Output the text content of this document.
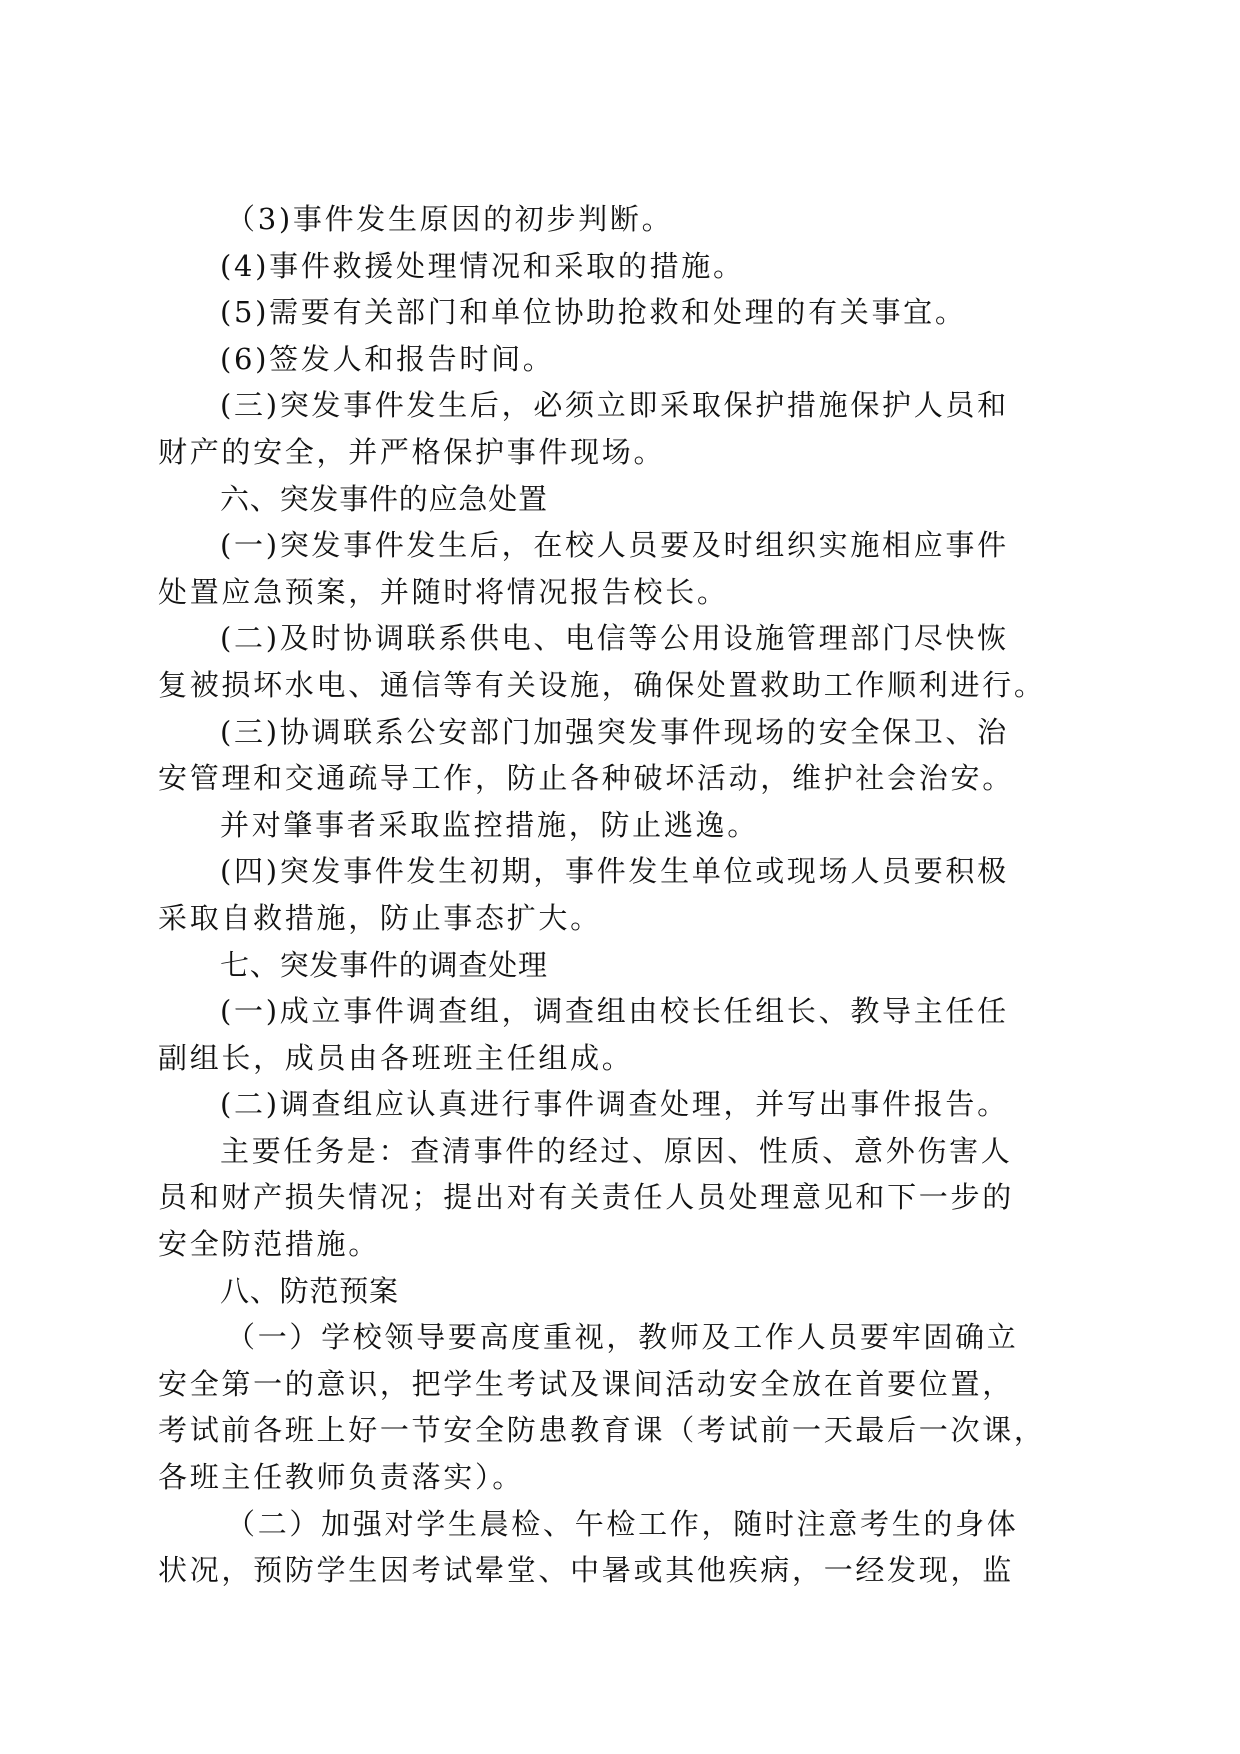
（3)事件发生原因的初步判断。
(4)事件救援处理情况和采取的措施。
(5)需要有关部门和单位协助抢救和处理的有关事宜。
(6)签发人和报告时间。
(三)突发事件发生后，必须立即采取保护措施保护人员和
财产的安全，并严格保护事件现场。
六、突发事件的应急处置
(一)突发事件发生后，在校人员要及时组织实施相应事件
处置应急预案，并随时将情况报告校长。
(二)及时协调联系供电、电信等公用设施管理部门尽快恢
复被损坏水电、通信等有关设施，确保处置救助工作顺利进行。
(三)协调联系公安部门加强突发事件现场的安全保卫、治
安管理和交通疏导工作，防止各种破坏活动，维护社会治安。
并对肇事者采取监控措施，防止逃逸。
(四)突发事件发生初期，事件发生单位或现场人员要积极
采取自救措施，防止事态扩大。
七、突发事件的调查处理
(一)成立事件调查组，调查组由校长任组长、教导主任任
副组长，成员由各班班主任组成。
(二)调查组应认真进行事件调查处理，并写出事件报告。
主要任务是：查清事件的经过、原因、性质、意外伤害人
员和财产损失情况；提出对有关责任人员处理意见和下一步的
安全防范措施。
八、防范预案
（一）学校领导要高度重视，教师及工作人员要牢固确立
安全第一的意识，把学生考试及课间活动安全放在首要位置，
考试前各班上好一节安全防患教育课（考试前一天最后一次课，
各班主任教师负责落实）。
（二）加强对学生晨检、午检工作，随时注意考生的身体
状况，预防学生因考试晕堂、中暑或其他疾病，一经发现，监
